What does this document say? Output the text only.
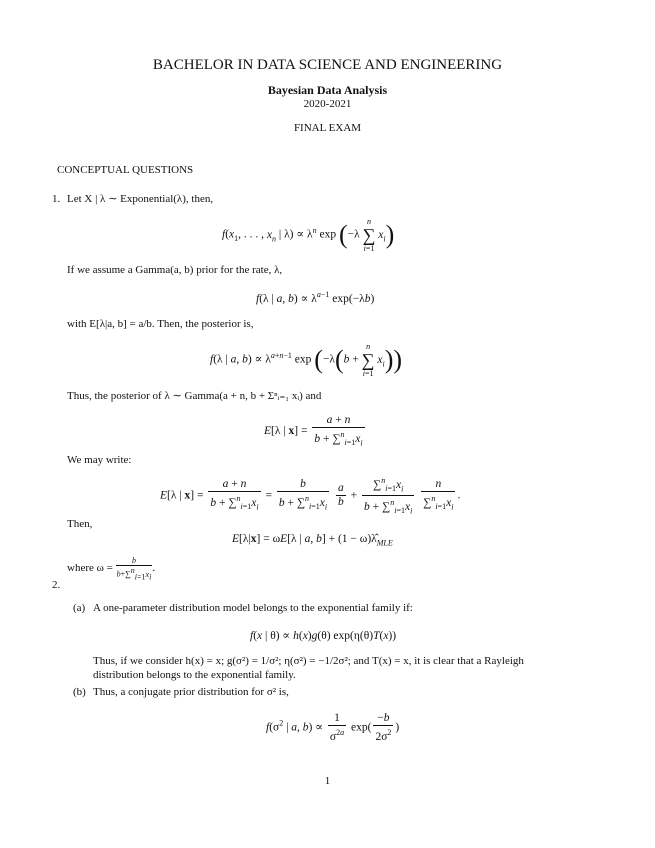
BACHELOR IN DATA SCIENCE AND ENGINEERING
Bayesian Data Analysis
2020-2021
FINAL EXAM
CONCEPTUAL QUESTIONS
1. Let X | λ ∼ Exponential(λ), then,
$f(x_1$, . . . , $x_n$ | $\lambda) \propto \lambda^n$ exp (−λ n
∑
i=1 $x_i$)
If we assume a Gamma(a, b) prior for the rate, λ,
f(λ | a, $b) \propto \lambda^{a-1}$ exp(−λb)
with E[λ|a, b] = a/b. Then, the posterior is,
f(λ | a, $b) \propto \lambda^{a+n-1}$ exp (−λ(b + n
∑
i=1 $x_i$))
Thus, the posterior of λ ∼ Gamma(a + n, b + Σⁿᵢ₌₁ xᵢ) and
E[λ | $x] = \frac{a + n}{b + \sum^n_{i=1}x_i}$
We may write:
E[λ | $x] = \frac{a + n}{b + \sum^n_{i=1}x_i} = \frac{b}{b + \sum^n_{i=1}x_i}$
$\frac{a}{b} + \frac{\sum^n_{i=1}x_i}{b + \sum^n_{i=1}x_i}$
$\frac{n}{\sum^n_{i=1}x_i}$ .
Then,
E[λ|x] = ωE[λ | a, $b] + (1 - \omega)\lambdâ_{MLE}$
where $\omega = \frac{b}{b+\sum^n_{i=1}x_i}$ .
2.
(a) A one-parameter distribution model belongs to the exponential family if:
f(x | θ) ∝ h(x)g(θ) exp(η(θ)T(x))
Thus, if we consider h(x) = x; g(σ²) = 1/σ²; η(σ²) = −1/2σ²; and T(x) = x, it is clear that a Rayleigh
distribution belongs to the exponential family.
(b) Thus, a conjugate prior distribution for σ² is,
$f(\sigma^2$ | a, $b) \propto \frac{1}{\sigma^{2a}} \exp( \frac{-b}{2\sigma^2}$ )
1
